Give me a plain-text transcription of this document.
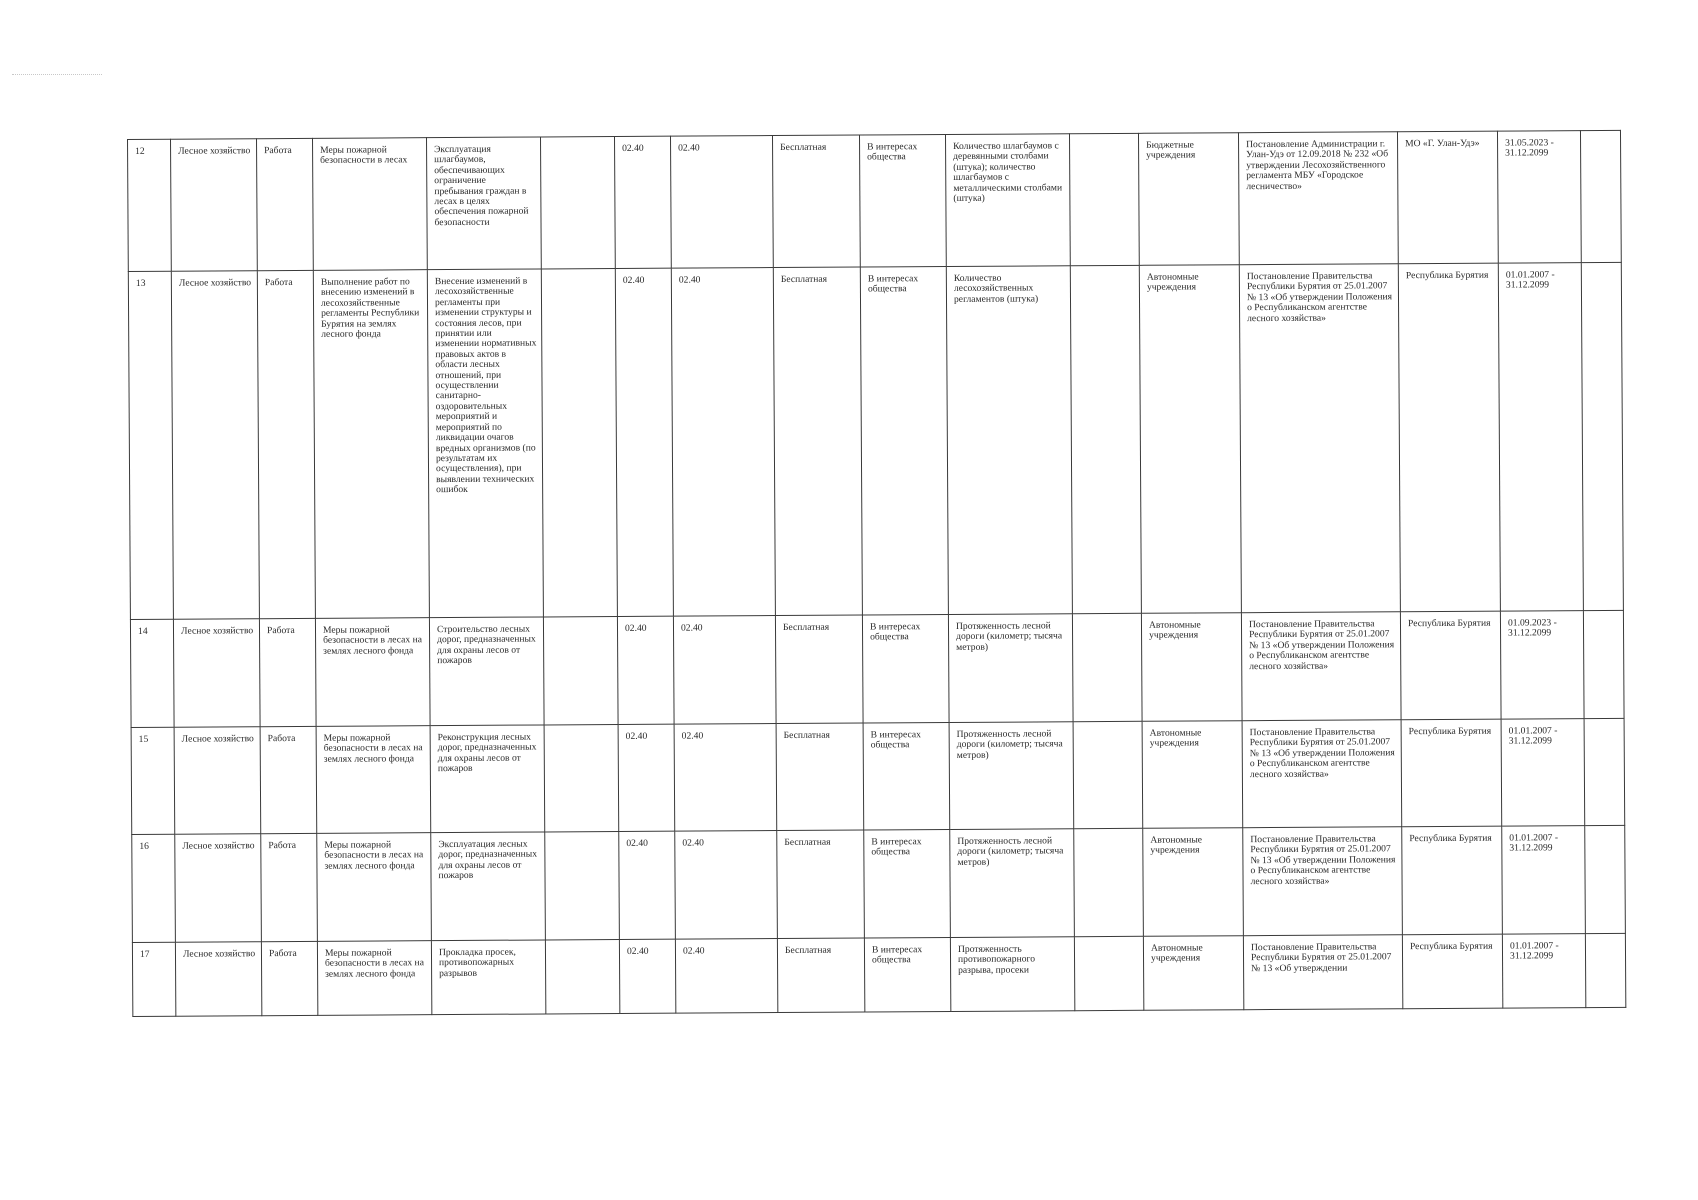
12	Лесное хозяйство	Работа	Меры пожарной безопасности в лесах	Эксплуатация шлагбаумов, обеспечивающих ограничение пребывания граждан в лесах в целях обеспечения пожарной безопасности		02.40	02.40	Бесплатная	В интересах общества	Количество шлагбаумов с деревянными столбами (штука); количество шлагбаумов с металлическими столбами (штука)		Бюджетные учреждения	Постановление Администрации г. Улан-Удэ от 12.09.2018 № 232 «Об утверждении Лесохозяйственного регламента МБУ «Городское лесничество»	МО «Г. Улан-Удэ»	31.05.2023 - 31.12.2099	
13	Лесное хозяйство	Работа	Выполнение работ по внесению изменений в лесохозяйственные регламенты Республики Бурятия на землях лесного фонда	Внесение изменений в лесохозяйственные регламенты при изменении структуры и состояния лесов, при принятии или изменении нормативных правовых актов в области лесных отношений, при осуществлении санитарно-оздоровительных мероприятий и мероприятий по ликвидации очагов вредных организмов (по результатам их осуществления), при выявлении технических ошибок		02.40	02.40	Бесплатная	В интересах общества	Количество лесохозяйственных регламентов (штука)		Автономные учреждения	Постановление Правительства Республики Бурятия от 25.01.2007 № 13 «Об утверждении Положения о Республиканском агентстве лесного хозяйства»	Республика Бурятия	01.01.2007 - 31.12.2099	
14	Лесное хозяйство	Работа	Меры пожарной безопасности в лесах на землях лесного фонда	Строительство лесных дорог, предназначенных для охраны лесов от пожаров		02.40	02.40	Бесплатная	В интересах общества	Протяженность лесной дороги (километр; тысяча метров)		Автономные учреждения	Постановление Правительства Республики Бурятия от 25.01.2007 № 13 «Об утверждении Положения о Республиканском агентстве лесного хозяйства»	Республика Бурятия	01.09.2023 - 31.12.2099	
15	Лесное хозяйство	Работа	Меры пожарной безопасности в лесах на землях лесного фонда	Реконструкция лесных дорог, предназначенных для охраны лесов от пожаров		02.40	02.40	Бесплатная	В интересах общества	Протяженность лесной дороги (километр; тысяча метров)		Автономные учреждения	Постановление Правительства Республики Бурятия от 25.01.2007 № 13 «Об утверждении Положения о Республиканском агентстве лесного хозяйства»	Республика Бурятия	01.01.2007 - 31.12.2099	
16	Лесное хозяйство	Работа	Меры пожарной безопасности в лесах на землях лесного фонда	Эксплуатация лесных дорог, предназначенных для охраны лесов от пожаров		02.40	02.40	Бесплатная	В интересах общества	Протяженность лесной дороги (километр; тысяча метров)		Автономные учреждения	Постановление Правительства Республики Бурятия от 25.01.2007 № 13 «Об утверждении Положения о Республиканском агентстве лесного хозяйства»	Республика Бурятия	01.01.2007 - 31.12.2099	
17	Лесное хозяйство	Работа	Меры пожарной безопасности в лесах на землях лесного фонда	Прокладка просек, противопожарных разрывов		02.40	02.40	Бесплатная	В интересах общества	Протяженность противопожарного разрыва, просеки		Автономные учреждения	Постановление Правительства Республики Бурятия от 25.01.2007 № 13 «Об утверждении	Республика Бурятия	01.01.2007 - 31.12.2099	
